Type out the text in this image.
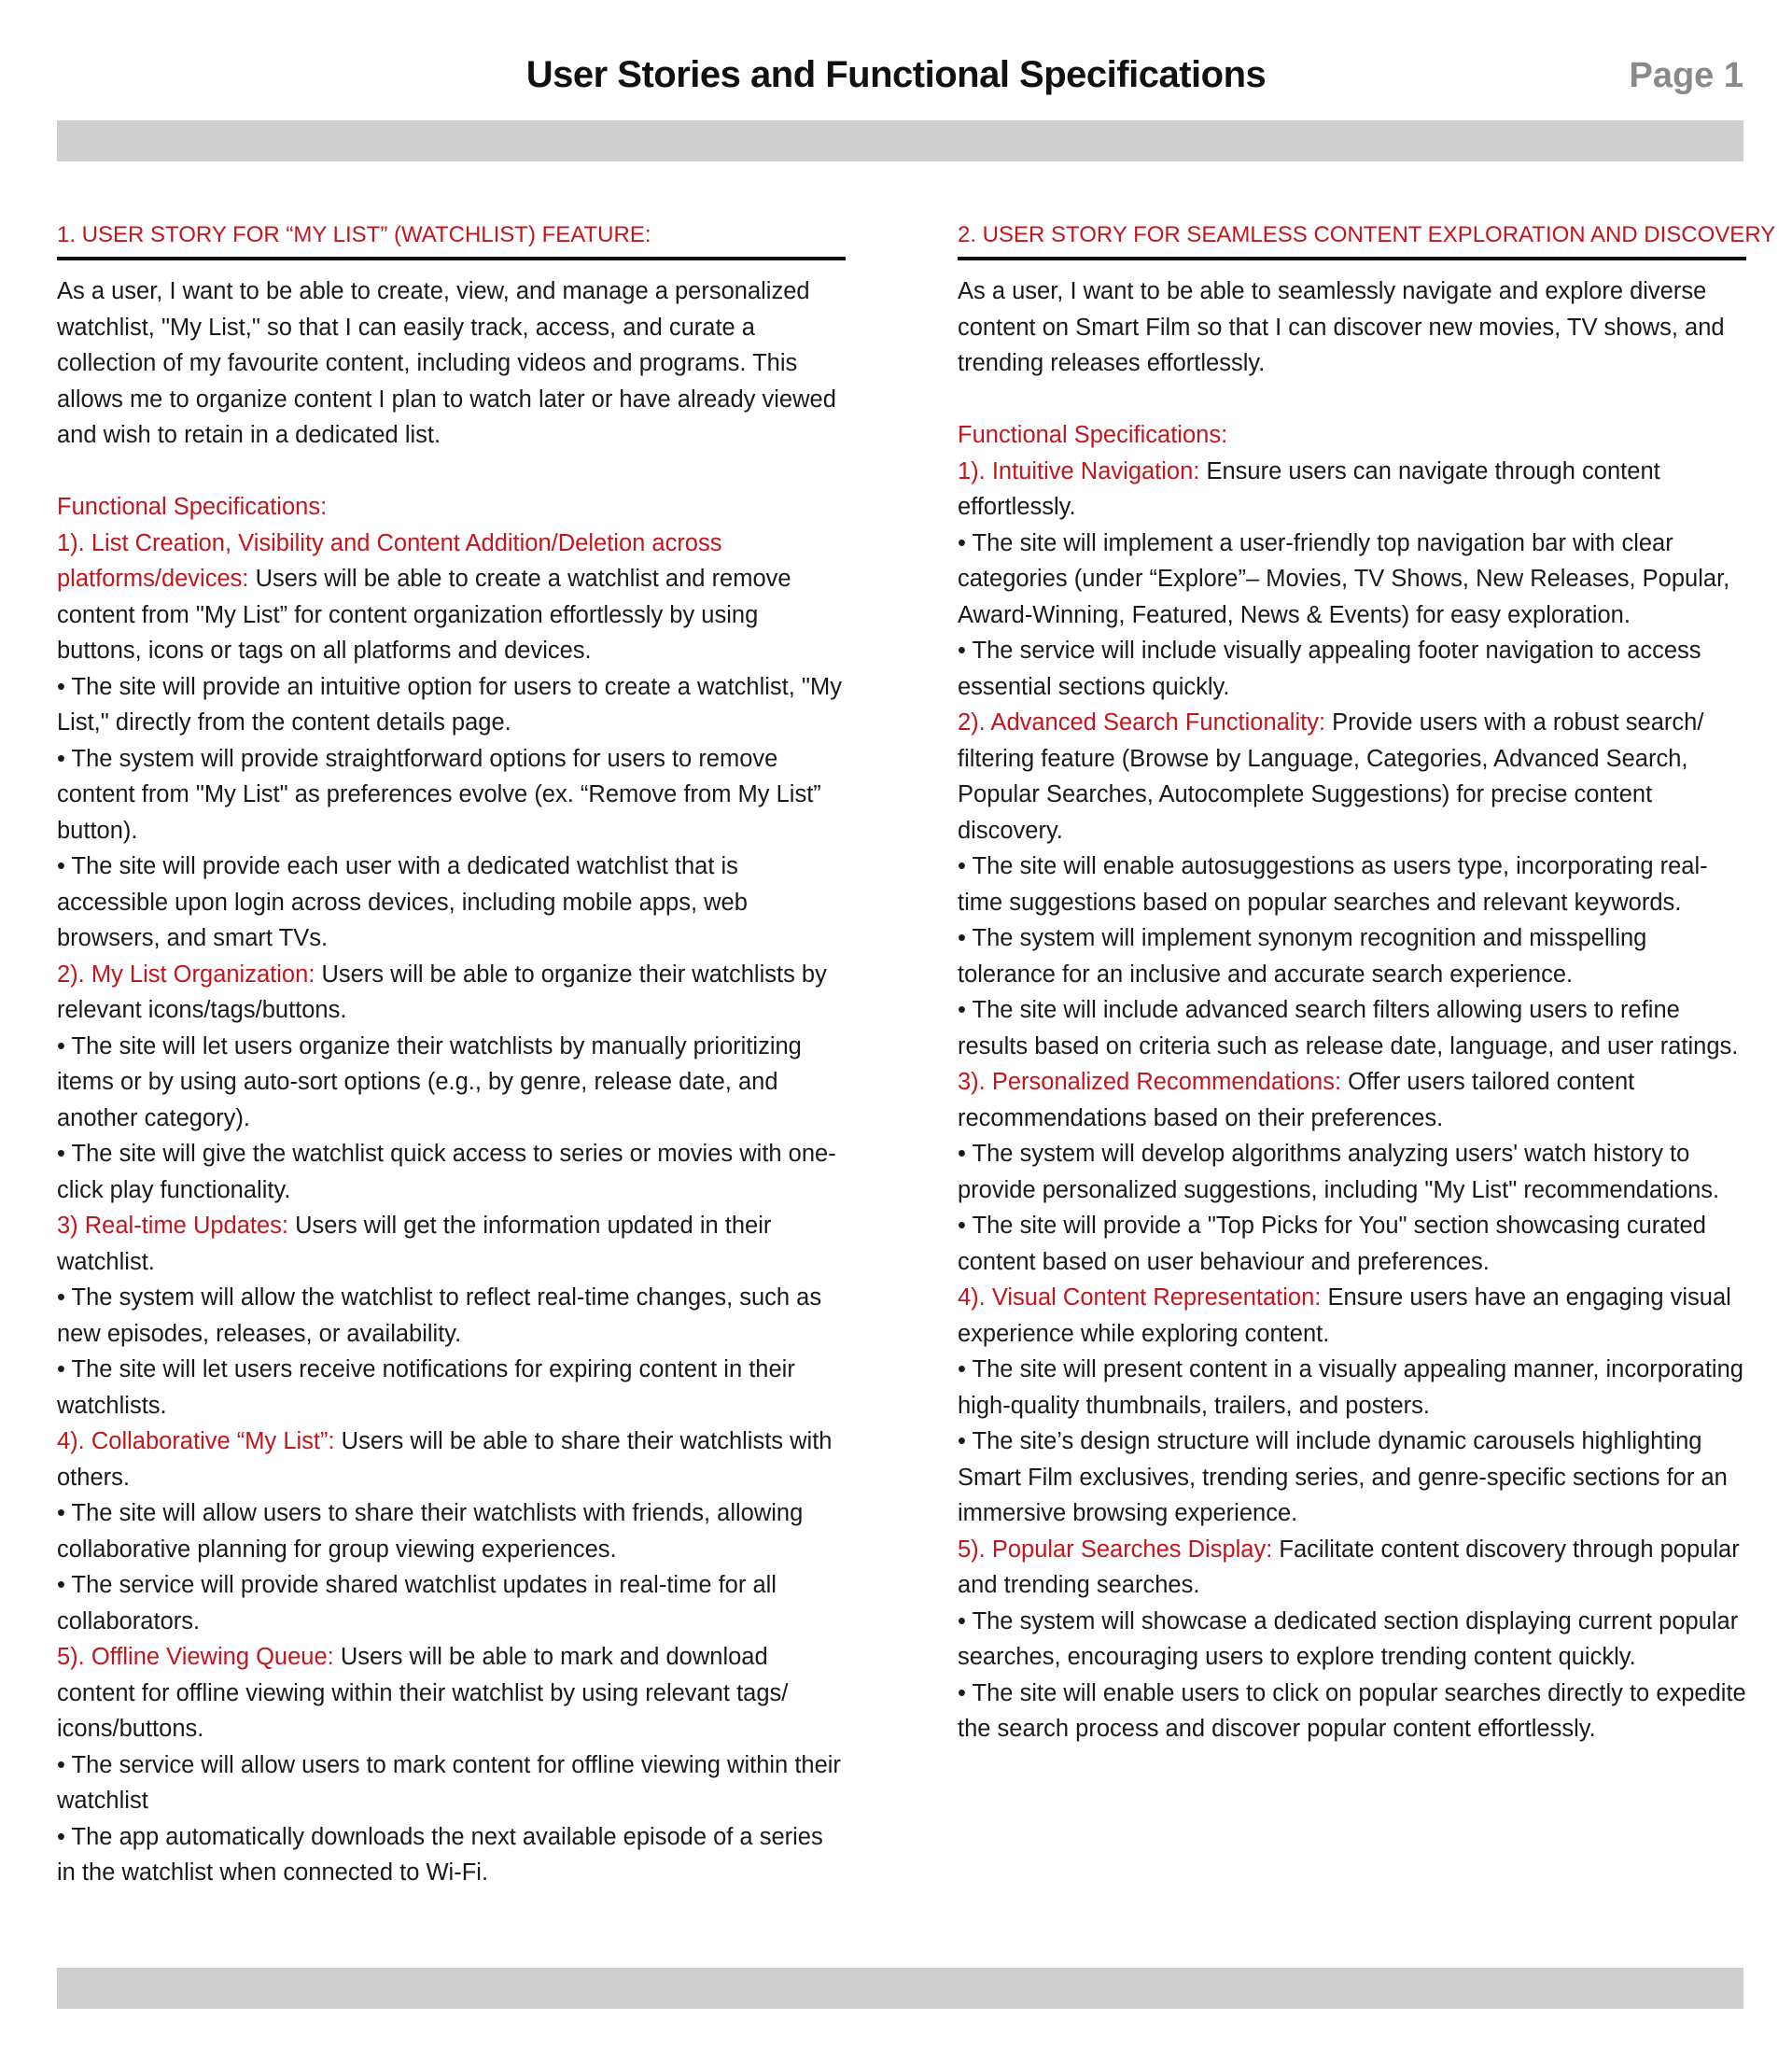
User Stories and Functional Specifications	Page 1
1. USER STORY FOR “MY LIST” (WATCHLIST) FEATURE:

As a user, I want to be able to create, view, and manage a personalized watchlist, "My List," so that I can easily track, access, and curate a collection of my favourite content, including videos and programs. This allows me to organize content I plan to watch later or have already viewed and wish to retain in a dedicated list.

Functional Specifications:

1). List Creation, Visibility and Content Addition/Deletion across platforms/devices: Users will be able to create a watchlist and remove content from "My List” for content organization effortlessly by using buttons, icons or tags on all platforms and devices.

• The site will provide an intuitive option for users to create a watchlist, "My List," directly from the content details page.
• The system will provide straightforward options for users to remove content from "My List" as preferences evolve (ex. “Remove from My List” button).
• The site will provide each user with a dedicated watchlist that is accessible upon login across devices, including mobile apps, web browsers, and smart TVs.

2). My List Organization: Users will be able to organize their watchlists by relevant icons/tags/buttons.

• The site will let users organize their watchlists by manually prioritizing items or by using auto-sort options (e.g., by genre, release date, and another category).
• The site will give the watchlist quick access to series or movies with one-click play functionality.

3) Real-time Updates: Users will get the information updated in their watchlist.

• The system will allow the watchlist to reflect real-time changes, such as new episodes, releases, or availability.
• The site will let users receive notifications for expiring content in their watchlists.

4). Collaborative “My List”: Users will be able to share their watchlists with others.

• The site will allow users to share their watchlists with friends, allowing collaborative planning for group viewing experiences.
• The service will provide shared watchlist updates in real-time for all collaborators.

5). Offline Viewing Queue: Users will be able to mark and download content for offline viewing within their watchlist by using relevant tags/ icons/buttons.

• The service will allow users to mark content for offline viewing within their watchlist
• The app automatically downloads the next available episode of a series in the watchlist when connected to Wi-Fi.
2. USER STORY FOR SEAMLESS CONTENT EXPLORATION AND DISCOVERY

As a user, I want to be able to seamlessly navigate and explore diverse content on Smart Film so that I can discover new movies, TV shows, and trending releases effortlessly.

Functional Specifications:

1). Intuitive Navigation: Ensure users can navigate through content effortlessly.

• The site will implement a user-friendly top navigation bar with clear categories (under “Explore”– Movies, TV Shows, New Releases, Popular, Award-Winning, Featured, News & Events) for easy exploration.
• The service will include visually appealing footer navigation to access essential sections quickly.

2). Advanced Search Functionality: Provide users with a robust search/ filtering feature (Browse by Language, Categories, Advanced Search, Popular Searches, Autocomplete Suggestions) for precise content discovery.

• The site will enable autosuggestions as users type, incorporating real-time suggestions based on popular searches and relevant keywords.
• The system will implement synonym recognition and misspelling tolerance for an inclusive and accurate search experience.
• The site will include advanced search filters allowing users to refine results based on criteria such as release date, language, and user ratings.

3). Personalized Recommendations: Offer users tailored content recommendations based on their preferences.

• The system will develop algorithms analyzing users' watch history to provide personalized suggestions, including "My List" recommendations.
• The site will provide a "Top Picks for You" section showcasing curated content based on user behaviour and preferences.

4). Visual Content Representation: Ensure users have an engaging visual experience while exploring content.

• The site will present content in a visually appealing manner, incorporating high-quality thumbnails, trailers, and posters.
• The site’s design structure will include dynamic carousels highlighting Smart Film exclusives, trending series, and genre-specific sections for an immersive browsing experience.

5). Popular Searches Display: Facilitate content discovery through popular and trending searches.

• The system will showcase a dedicated section displaying current popular searches, encouraging users to explore trending content quickly.
• The site will enable users to click on popular searches directly to expedite the search process and discover popular content effortlessly.
